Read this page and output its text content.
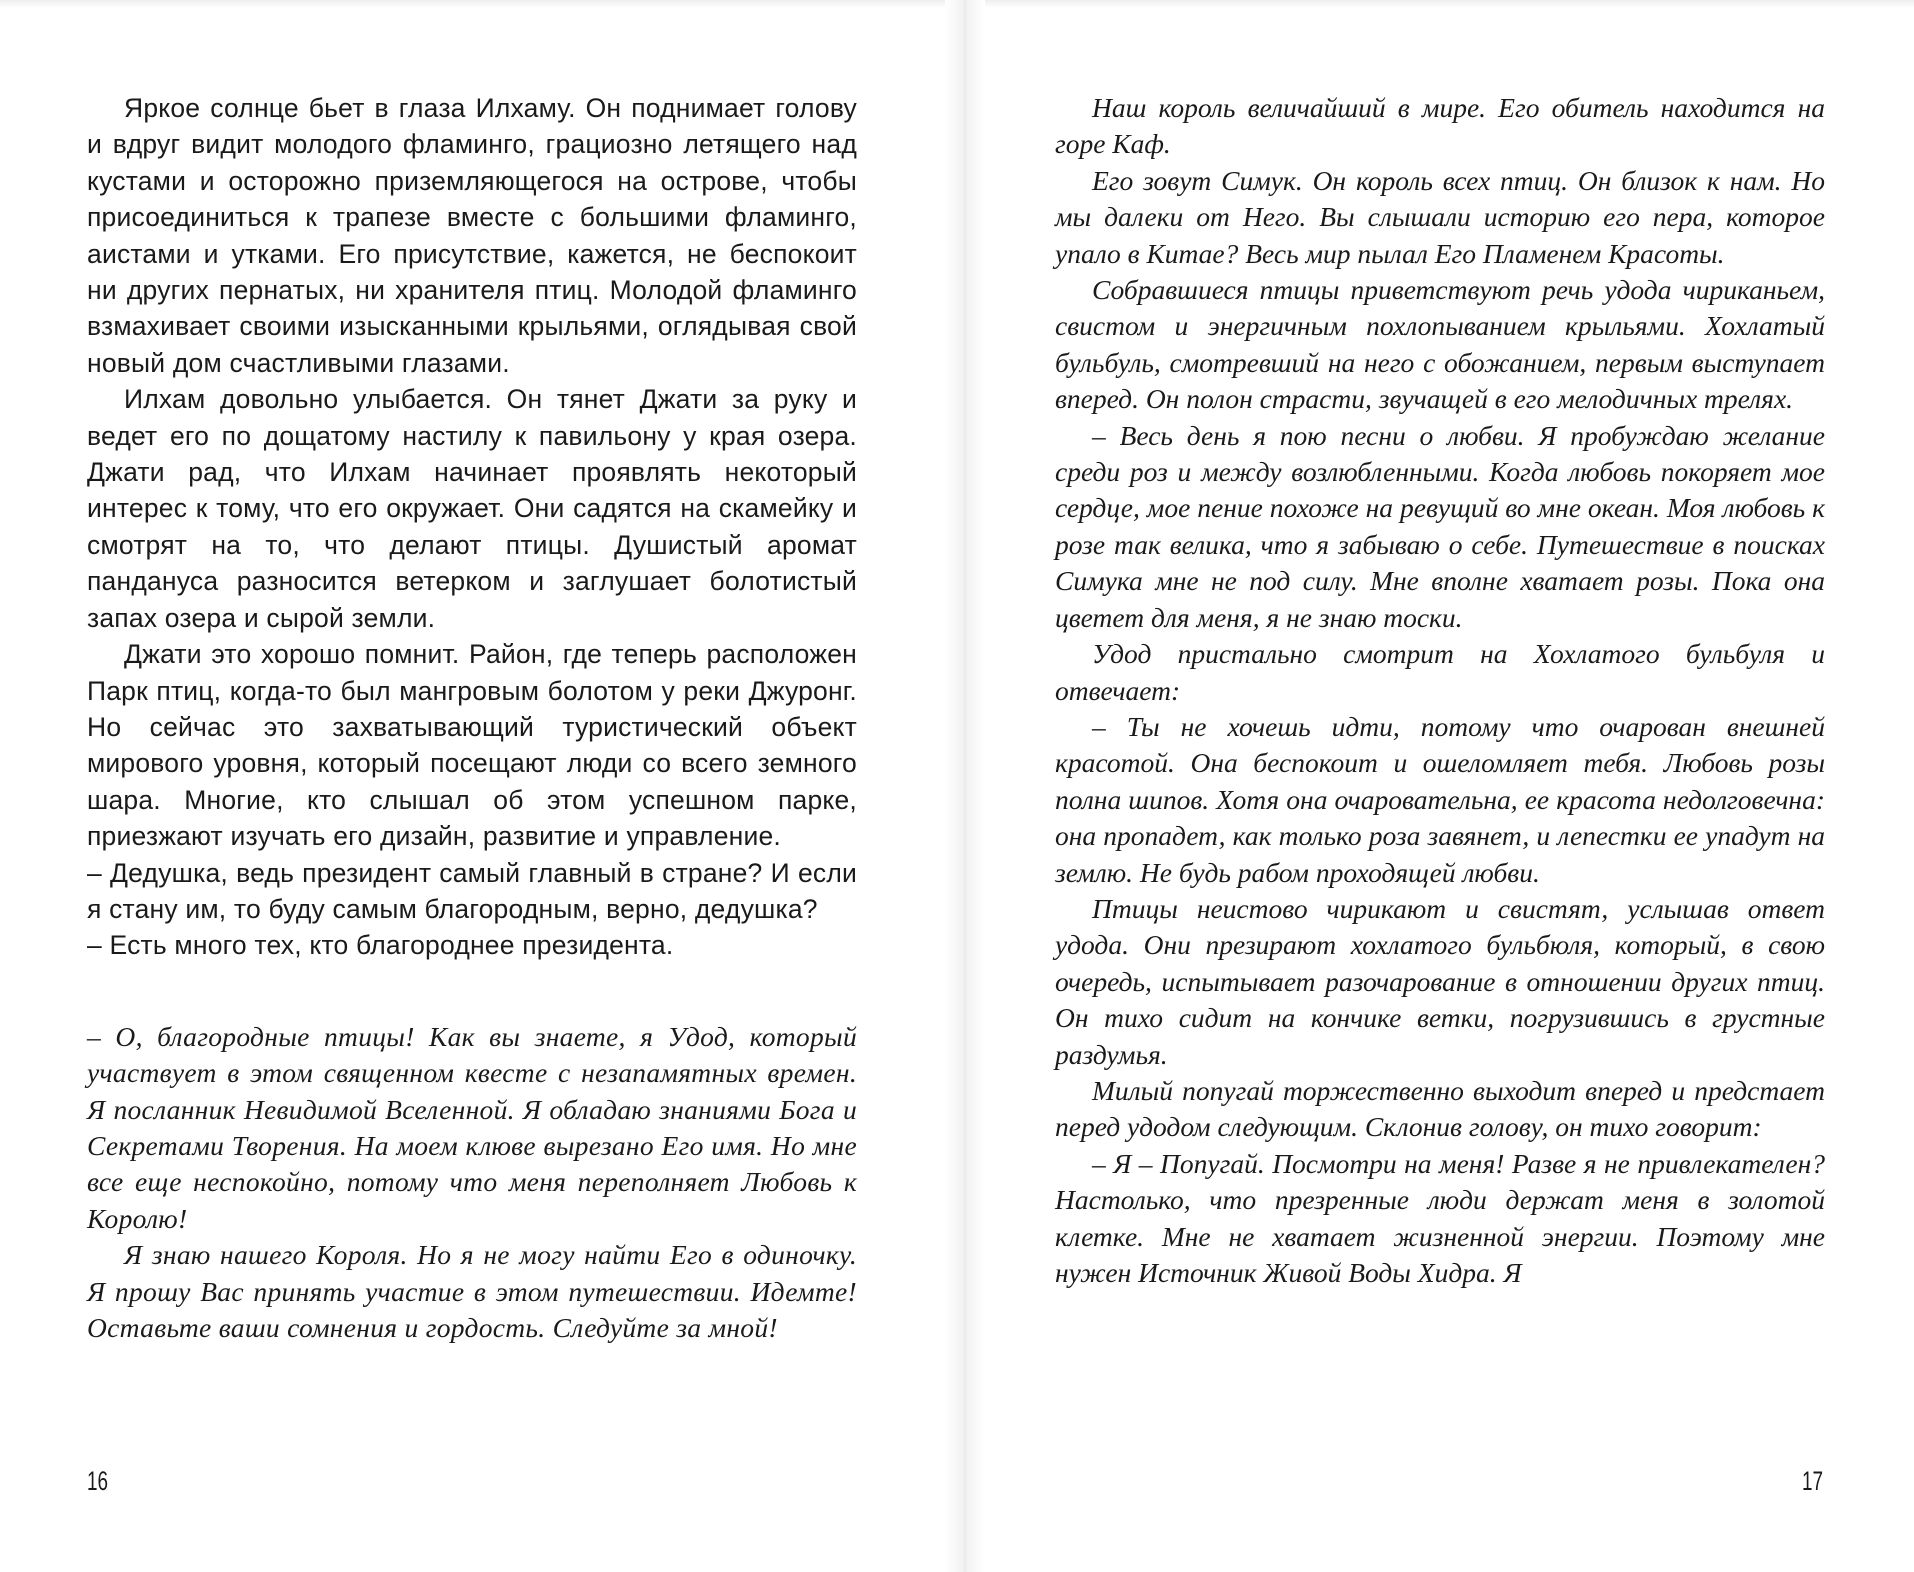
Яркое солнце бьет в глаза Илхаму. Он поднимает голову и вдруг видит молодого фламинго, грациозно летящего над кустами и осторожно приземляющегося на острове, чтобы присоединиться к трапезе вместе с большими фламинго, аистами и утками. Его присутствие, кажется, не беспокоит ни других пернатых, ни хранителя птиц. Молодой фламинго взмахивает своими изысканными крыльями, оглядывая свой новый дом счастливыми глазами.

Илхам довольно улыбается. Он тянет Джати за руку и ведет его по дощатому настилу к павильону у края озера. Джати рад, что Илхам начинает проявлять некоторый интерес к тому, что его окружает. Они садятся на скамейку и смотрят на то, что делают птицы. Душистый аромат пандануса разносится ветерком и заглушает болотистый запах озера и сырой земли.

Джати это хорошо помнит. Район, где теперь расположен Парк птиц, когда-то был мангровым болотом у реки Джуронг. Но сейчас это захватывающий туристический объект мирового уровня, который посещают люди со всего земного шара. Многие, кто слышал об этом успешном парке, приезжают изучать его дизайн, развитие и управление.

– Дедушка, ведь президент самый главный в стране? И если я стану им, то буду самым благородным, верно, дедушка?

– Есть много тех, кто благороднее президента.

– О, благородные птицы! Как вы знаете, я Удод, который участвует в этом священном квесте с незапамятных времен. Я посланник Невидимой Вселенной. Я обладаю знаниями Бога и Секретами Творения. На моем клюве вырезано Его имя. Но мне все еще неспокойно, потому что меня переполняет Любовь к Королю!

Я знаю нашего Короля. Но я не могу найти Его в одиночку. Я прошу Вас принять участие в этом путешествии. Идемте! Оставьте ваши сомнения и гордость. Следуйте за мной!

16

Наш король величайший в мире. Его обитель находится на горе Каф.

Его зовут Симук. Он король всех птиц. Он близок к нам. Но мы далеки от Него. Вы слышали историю его пера, которое упало в Китае? Весь мир пылал Его Пламенем Красоты.

Собравшиеся птицы приветствуют речь удода чириканьем, свистом и энергичным похлопыванием крыльями. Хохлатый бульбуль, смотревший на него с обожанием, первым выступает вперед. Он полон страсти, звучащей в его мелодичных трелях.

– Весь день я пою песни о любви. Я пробуждаю желание среди роз и между возлюбленными. Когда любовь покоряет мое сердце, мое пение похоже на ревущий во мне океан. Моя любовь к розе так велика, что я забываю о себе. Путешествие в поисках Симука мне не под силу. Мне вполне хватает розы. Пока она цветет для меня, я не знаю тоски.

Удод пристально смотрит на Хохлатого бульбуля и отвечает:

– Ты не хочешь идти, потому что очарован внешней красотой. Она беспокоит и ошеломляет тебя. Любовь розы полна шипов. Хотя она очаровательна, ее красота недолговечна: она пропадет, как только роза завянет, и лепестки ее упадут на землю. Не будь рабом проходящей любви.

Птицы неистово чирикают и свистят, услышав ответ удода. Они презирают хохлатого бульбюля, который, в свою очередь, испытывает разочарование в отношении других птиц. Он тихо сидит на кончике ветки, погрузившись в грустные раздумья.

Милый попугай торжественно выходит вперед и предстает перед удодом следующим. Склонив голову, он тихо говорит:

– Я – Попугай. Посмотри на меня! Разве я не привлекателен? Настолько, что презренные люди держат меня в золотой клетке. Мне не хватает жизненной энергии. Поэтому мне нужен Источник Живой Воды Хидра. Я

17
